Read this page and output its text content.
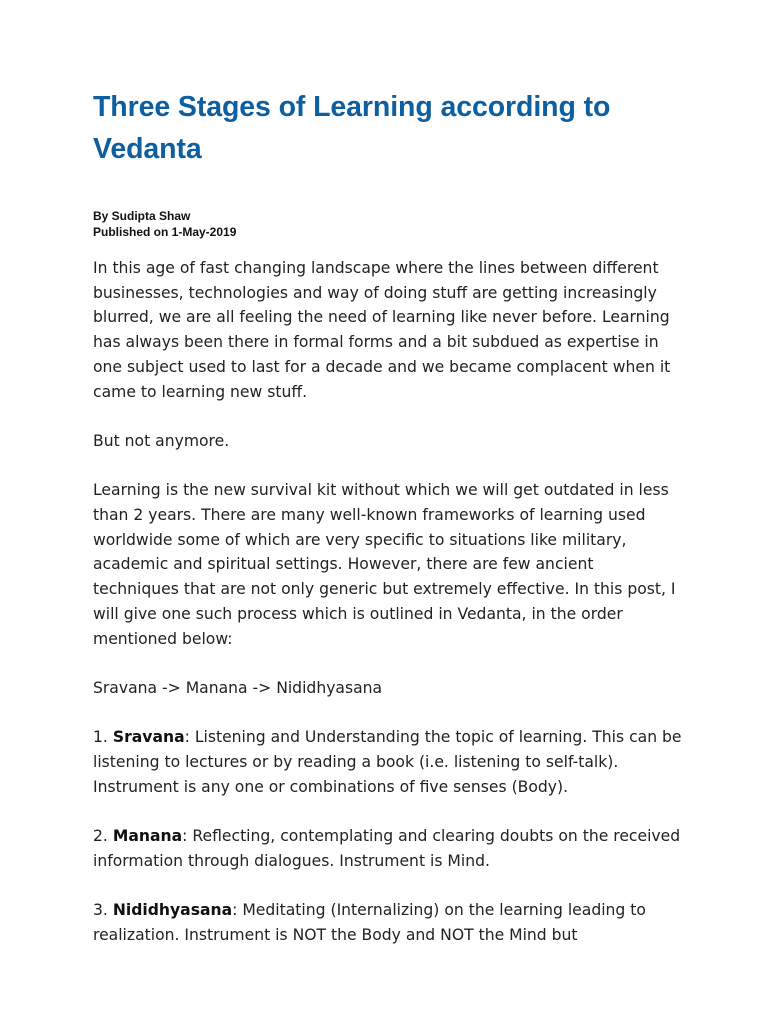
Three Stages of Learning according to Vedanta
By Sudipta Shaw
Published on 1-May-2019

In this age of fast changing landscape where the lines between different businesses, technologies and way of doing stuff are getting increasingly blurred, we are all feeling the need of learning like never before. Learning has always been there in formal forms and a bit subdued as expertise in one subject used to last for a decade and we became complacent when it came to learning new stuff.

But not anymore.

Learning is the new survival kit without which we will get outdated in less than 2 years. There are many well-known frameworks of learning used worldwide some of which are very specific to situations like military, academic and spiritual settings. However, there are few ancient techniques that are not only generic but extremely effective. In this post, I will give one such process which is outlined in Vedanta, in the order mentioned below:

Sravana -> Manana -> Nididhyasana

1. Sravana: Listening and Understanding the topic of learning. This can be listening to lectures or by reading a book (i.e. listening to self-talk). Instrument is any one or combinations of five senses (Body).

2. Manana: Reflecting, contemplating and clearing doubts on the received information through dialogues. Instrument is Mind.

3. Nididhyasana: Meditating (Internalizing) on the learning leading to realization. Instrument is NOT the Body and NOT the Mind but
